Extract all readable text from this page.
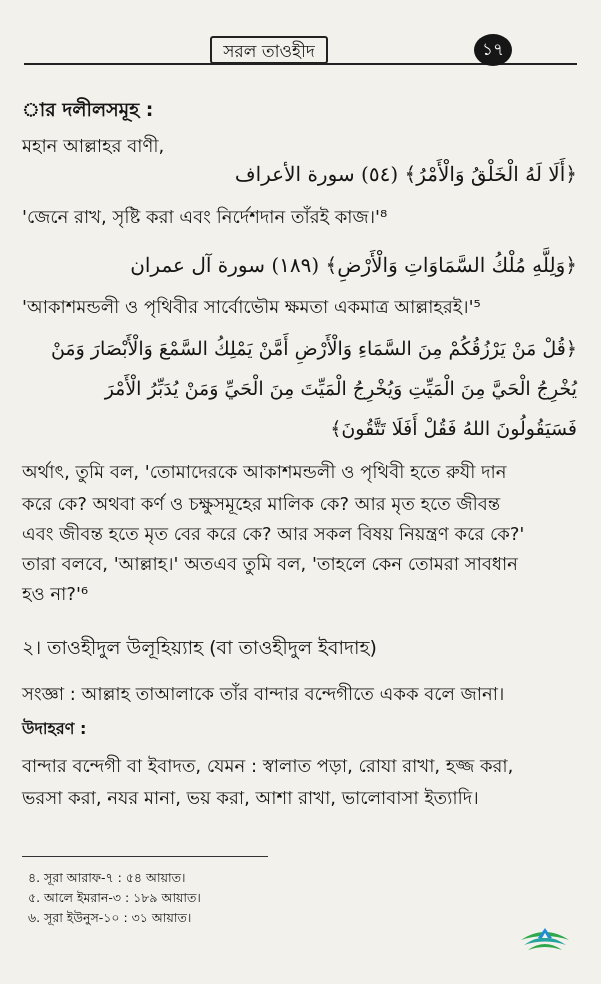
সরল তাওহীদ	১৭
ার দলীলসমূহ :
মহান আল্লাহর বাণী,
﴿أَلَا لَهُ الْخَلْقُ وَالْأَمْرُ﴾ (٥٤) سورة الأعراف
'জেনে রাখ, সৃষ্টি করা এবং নির্দেশদান তাঁরই কাজ।'⁸
﴿وَلِلَّهِ مُلْكُ السَّمَاوَاتِ وَالْأَرْضِ﴾ (١٨٩) سورة آل عمران
'আকাশমন্ডলী ও পৃথিবীর সার্বোভৌম ক্ষমতা একমাত্র আল্লাহরই।'⁵
﴿قُلْ مَنْ يَرْزُقُكُمْ مِنَ السَّمَاءِ وَالْأَرْضِ أَمَّنْ يَمْلِكُ السَّمْعَ وَالْأَبْصَارَ وَمَنْ
يُخْرِجُ الْحَيَّ مِنَ الْمَيِّتِ وَيُخْرِجُ الْمَيِّتَ مِنَ الْحَيِّ وَمَنْ يُدَبِّرُ الْأَمْرَ
فَسَيَقُولُونَ اللهُ فَقُلْ أَفَلَا تَتَّقُونَ﴾
অর্থাৎ, তুমি বল, 'তোমাদেরকে আকাশমন্ডলী ও পৃথিবী হতে রুযী দান
করে কে? অথবা কর্ণ ও চক্ষুসমূহের মালিক কে? আর মৃত হতে জীবন্ত
এবং জীবন্ত হতে মৃত বের করে কে? আর সকল বিষয় নিয়ন্ত্রণ করে কে?'
তারা বলবে, 'আল্লাহ।' অতএব তুমি বল, 'তাহলে কেন তোমরা সাবধান
হও না?'⁶
২। তাওহীদুল উলূহিয়্যাহ (বা তাওহীদুল ইবাদাহ)
সংজ্ঞা : আল্লাহ তাআলাকে তাঁর বান্দার বন্দেগীতে একক বলে জানা।
উদাহরণ :
বান্দার বন্দেগী বা ইবাদত, যেমন : স্বালাত পড়া, রোযা রাখা, হজ্জ করা,
ভরসা করা, নযর মানা, ভয় করা, আশা রাখা, ভালোবাসা ইত্যাদি।
৪. সূরা আরাফ-৭ : ৫৪ আয়াত।
৫. আলে ইমরান-৩ : ১৮৯ আয়াত।
৬. সূরা ইউনুস-১০ : ৩১ আয়াত।
